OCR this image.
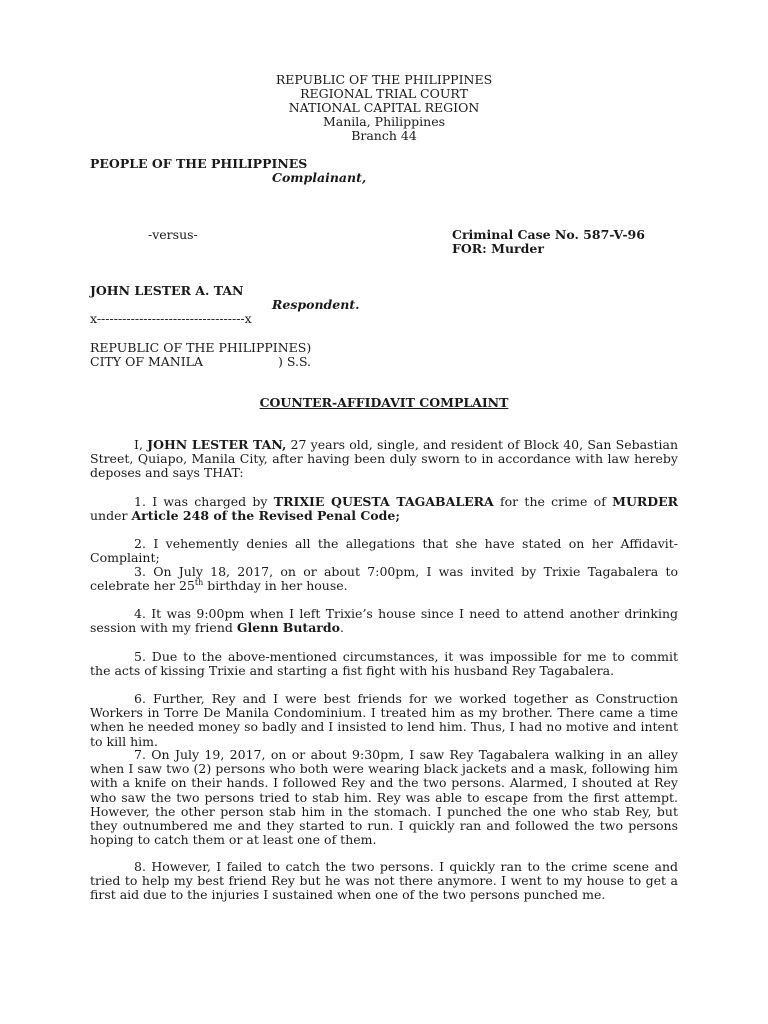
REPUBLIC OF THE PHILIPPINES
REGIONAL TRIAL COURT
NATIONAL CAPITAL REGION
Manila, Philippines
Branch 44
PEOPLE OF THE PHILIPPINES
Complainant,
-versus-	Criminal Case No. 587-V-96
FOR: Murder
JOHN LESTER A. TAN
Respondent.
x-----------------------------------x
REPUBLIC OF THE PHILIPPINES)
CITY OF MANILA	) S.S.
COUNTER-AFFIDAVIT COMPLAINT

I, JOHN LESTER TAN, 27 years old, single, and resident of Block 40, San Sebastian Street, Quiapo, Manila City, after having been duly sworn to in accordance with law hereby deposes and says THAT:

1. I was charged by TRIXIE QUESTA TAGABALERA for the crime of MURDER under Article 248 of the Revised Penal Code;

2. I vehemently denies all the allegations that she have stated on her Affidavit-Complaint;

3. On July 18, 2017, on or about 7:00pm, I was invited by Trixie Tagabalera to celebrate her 25th birthday in her house.

4. It was 9:00pm when I left Trixie’s house since I need to attend another drinking session with my friend Glenn Butardo.

5. Due to the above-mentioned circumstances, it was impossible for me to commit the acts of kissing Trixie and starting a fist fight with his husband Rey Tagabalera.

6. Further, Rey and I were best friends for we worked together as Construction Workers in Torre De Manila Condominium. I treated him as my brother. There came a time when he needed money so badly and I insisted to lend him. Thus, I had no motive and intent to kill him.

7. On July 19, 2017, on or about 9:30pm, I saw Rey Tagabalera walking in an alley when I saw two (2) persons who both were wearing black jackets and a mask, following him with a knife on their hands. I followed Rey and the two persons. Alarmed, I shouted at Rey who saw the two persons tried to stab him. Rey was able to escape from the first attempt. However, the other person stab him in the stomach. I punched the one who stab Rey, but they outnumbered me and they started to run. I quickly ran and followed the two persons hoping to catch them or at least one of them.

8. However, I failed to catch the two persons. I quickly ran to the crime scene and tried to help my best friend Rey but he was not there anymore. I went to my house to get a first aid due to the injuries I sustained when one of the two persons punched me.
